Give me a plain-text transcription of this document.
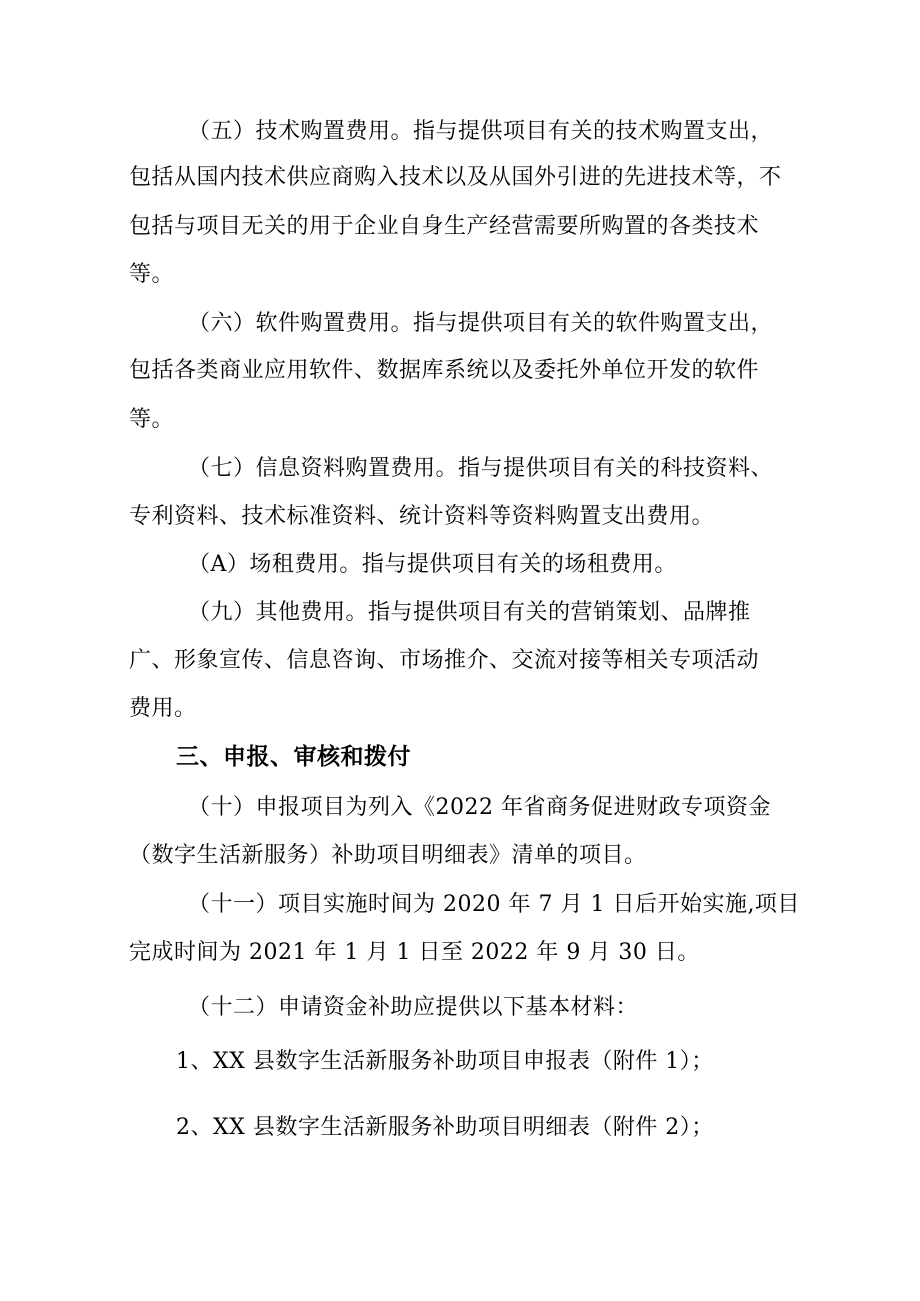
（五）技术购置费用。指与提供项目有关的技术购置支出，
包括从国内技术供应商购入技术以及从国外引进的先进技术等，不
包括与项目无关的用于企业自身生产经营需要所购置的各类技术
等。
（六）软件购置费用。指与提供项目有关的软件购置支出，
包括各类商业应用软件、数据库系统以及委托外单位开发的软件
等。
（七）信息资料购置费用。指与提供项目有关的科技资料、
专利资料、技术标准资料、统计资料等资料购置支出费用。
（A）场租费用。指与提供项目有关的场租费用。
（九）其他费用。指与提供项目有关的营销策划、品牌推
广、形象宣传、信息咨询、市场推介、交流对接等相关专项活动
费用。
三、申报、审核和拨付
（十）申报项目为列入《2022 年省商务促进财政专项资金
（数字生活新服务）补助项目明细表》清单的项目。
（十一）项目实施时间为 2020 年 7 月 1 日后开始实施,项目
完成时间为 2021 年 1 月 1 日至 2022 年 9 月 30 日。
（十二）申请资金补助应提供以下基本材料：
1、XX 县数字生活新服务补助项目申报表（附件 1）；
2、XX 县数字生活新服务补助项目明细表（附件 2）；
